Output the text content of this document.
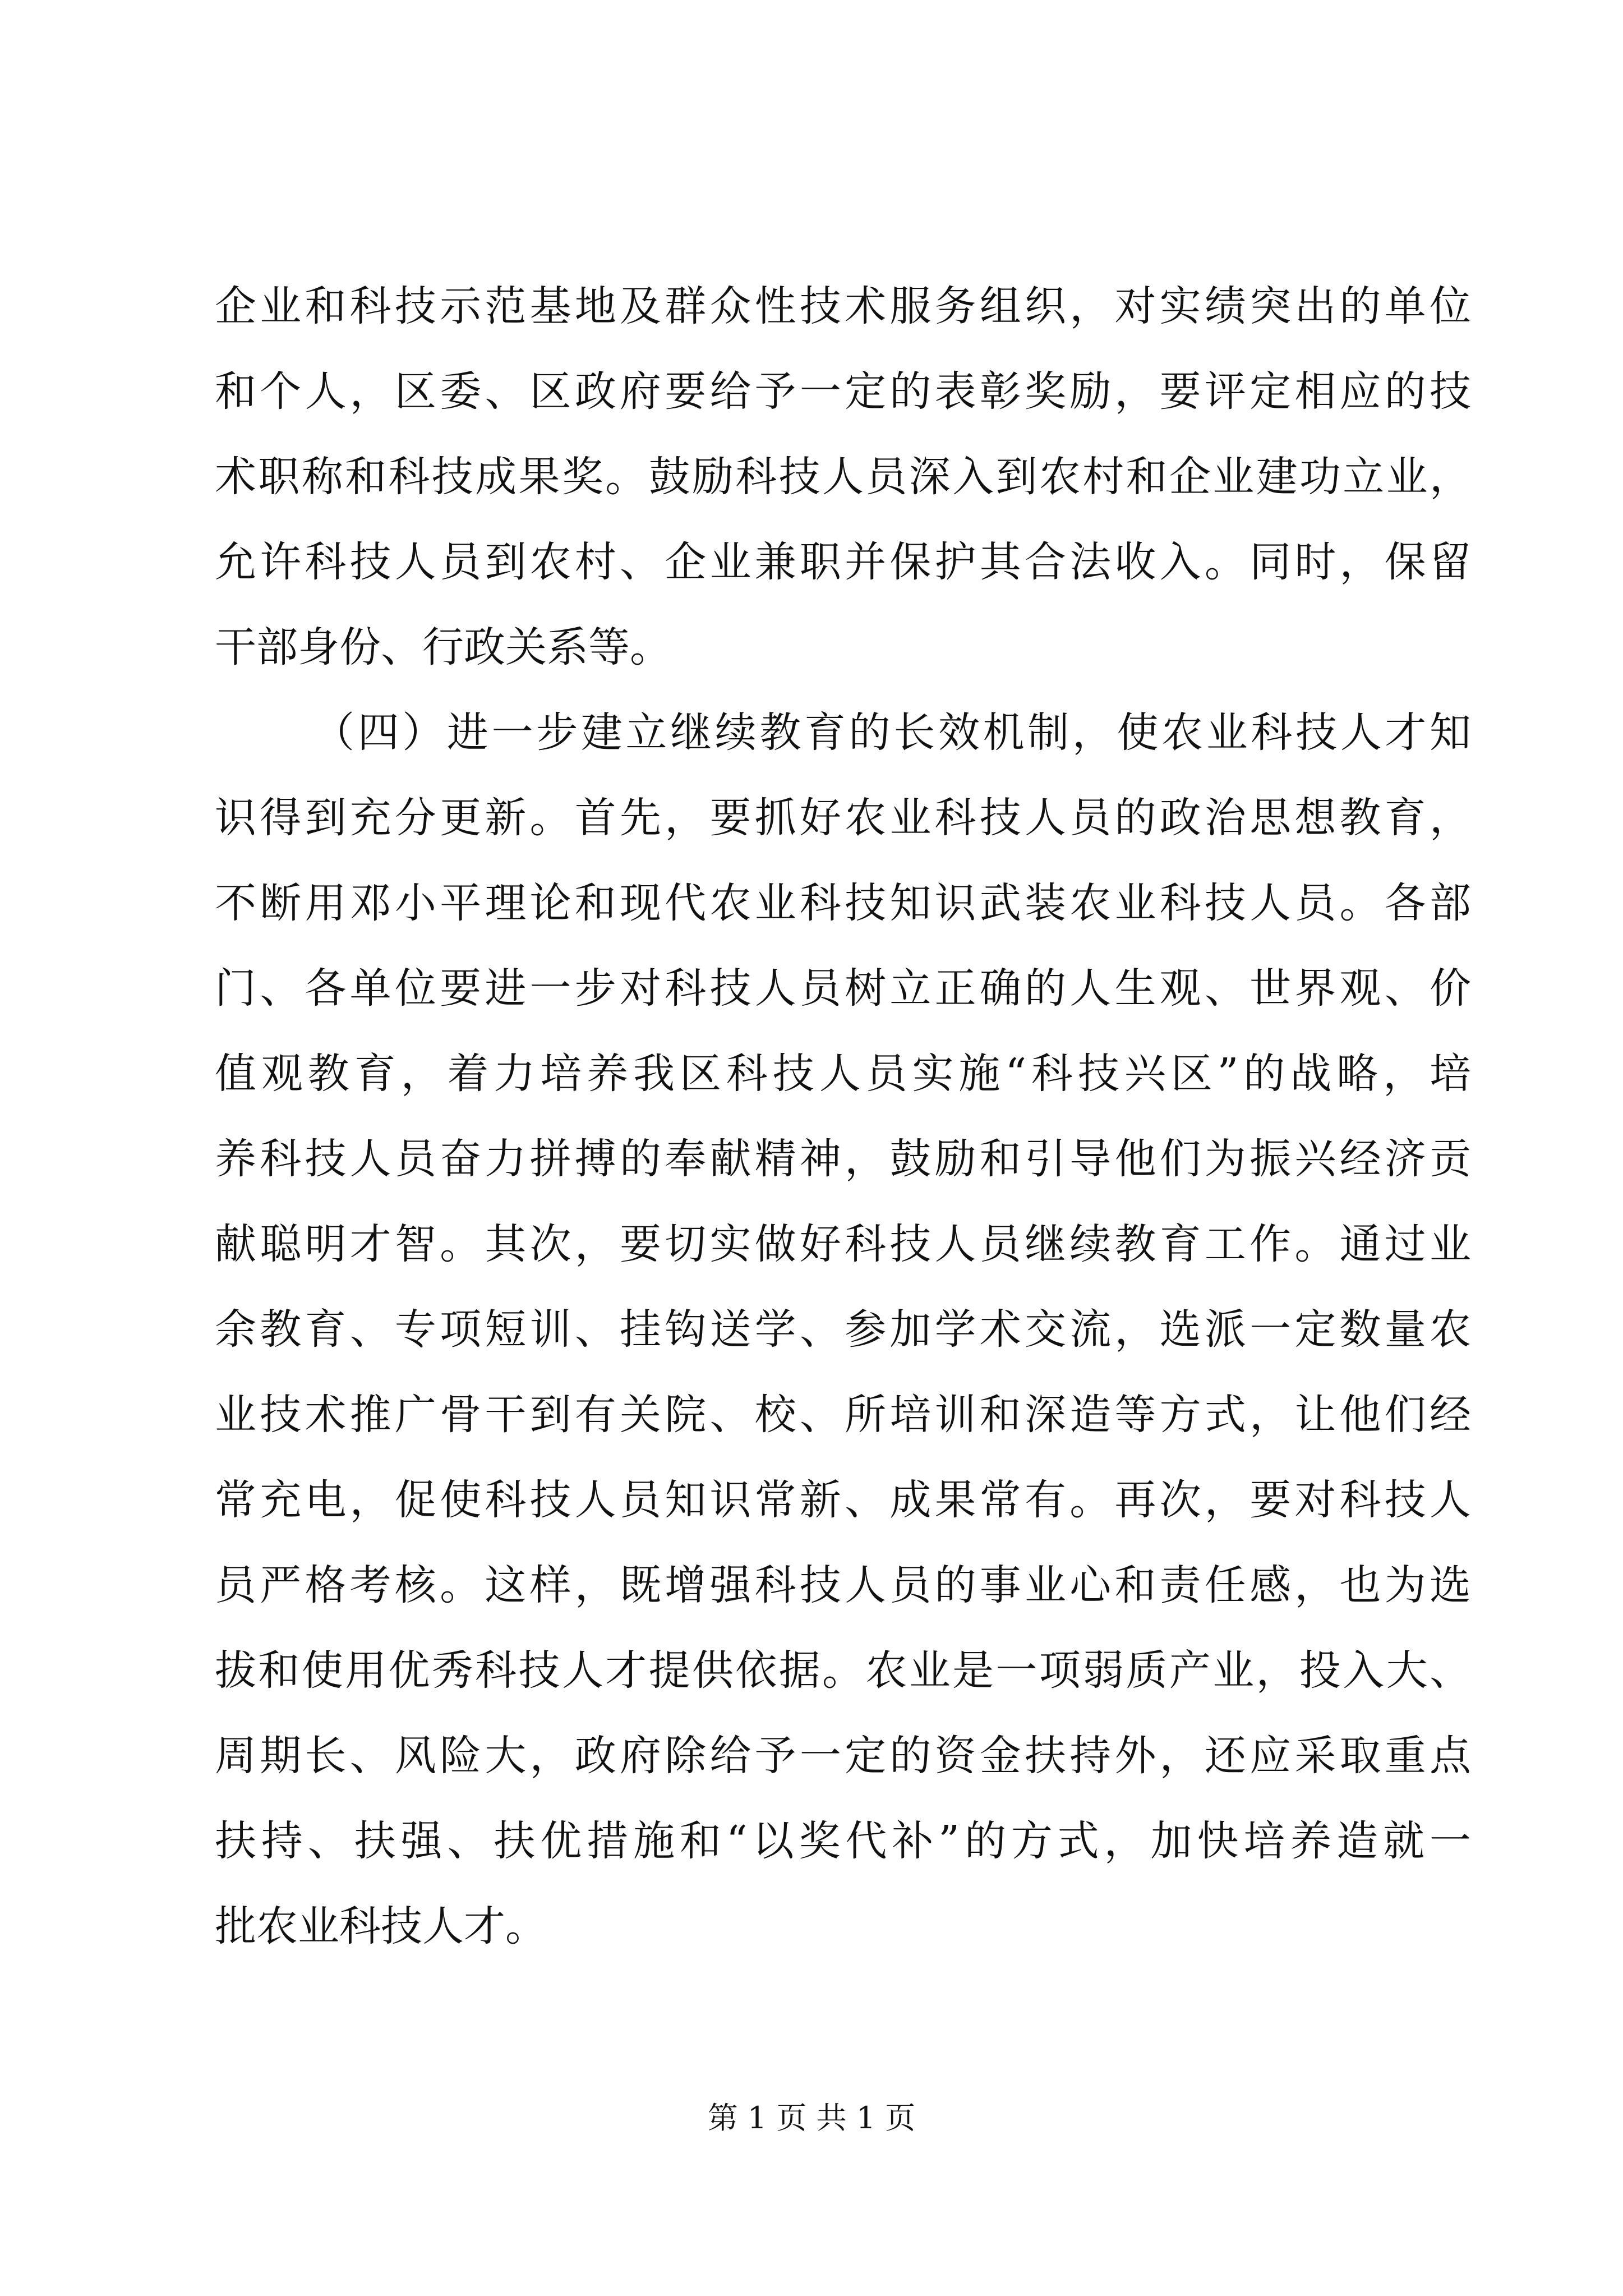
企业和科技示范基地及群众性技术服务组织，对实绩突出的单位
和个人，区委、区政府要给予一定的表彰奖励，要评定相应的技
术职称和科技成果奖。鼓励科技人员深入到农村和企业建功立业，
允许科技人员到农村、企业兼职并保护其合法收入。同时，保留
干部身份、行政关系等。
（四）进一步建立继续教育的长效机制，使农业科技人才知
识得到充分更新。首先，要抓好农业科技人员的政治思想教育，
不断用邓小平理论和现代农业科技知识武装农业科技人员。各部
门、各单位要进一步对科技人员树立正确的人生观、世界观、价
值观教育，着力培养我区科技人员实施“科技兴区”的战略，培
养科技人员奋力拼搏的奉献精神，鼓励和引导他们为振兴经济贡
献聪明才智。其次，要切实做好科技人员继续教育工作。通过业
余教育、专项短训、挂钩送学、参加学术交流，选派一定数量农
业技术推广骨干到有关院、校、所培训和深造等方式，让他们经
常充电，促使科技人员知识常新、成果常有。再次，要对科技人
员严格考核。这样，既增强科技人员的事业心和责任感，也为选
拔和使用优秀科技人才提供依据。农业是一项弱质产业，投入大、
周期长、风险大，政府除给予一定的资金扶持外，还应采取重点
扶持、扶强、扶优措施和“以奖代补”的方式，加快培养造就一
批农业科技人才。
第 1 页 共 1 页
